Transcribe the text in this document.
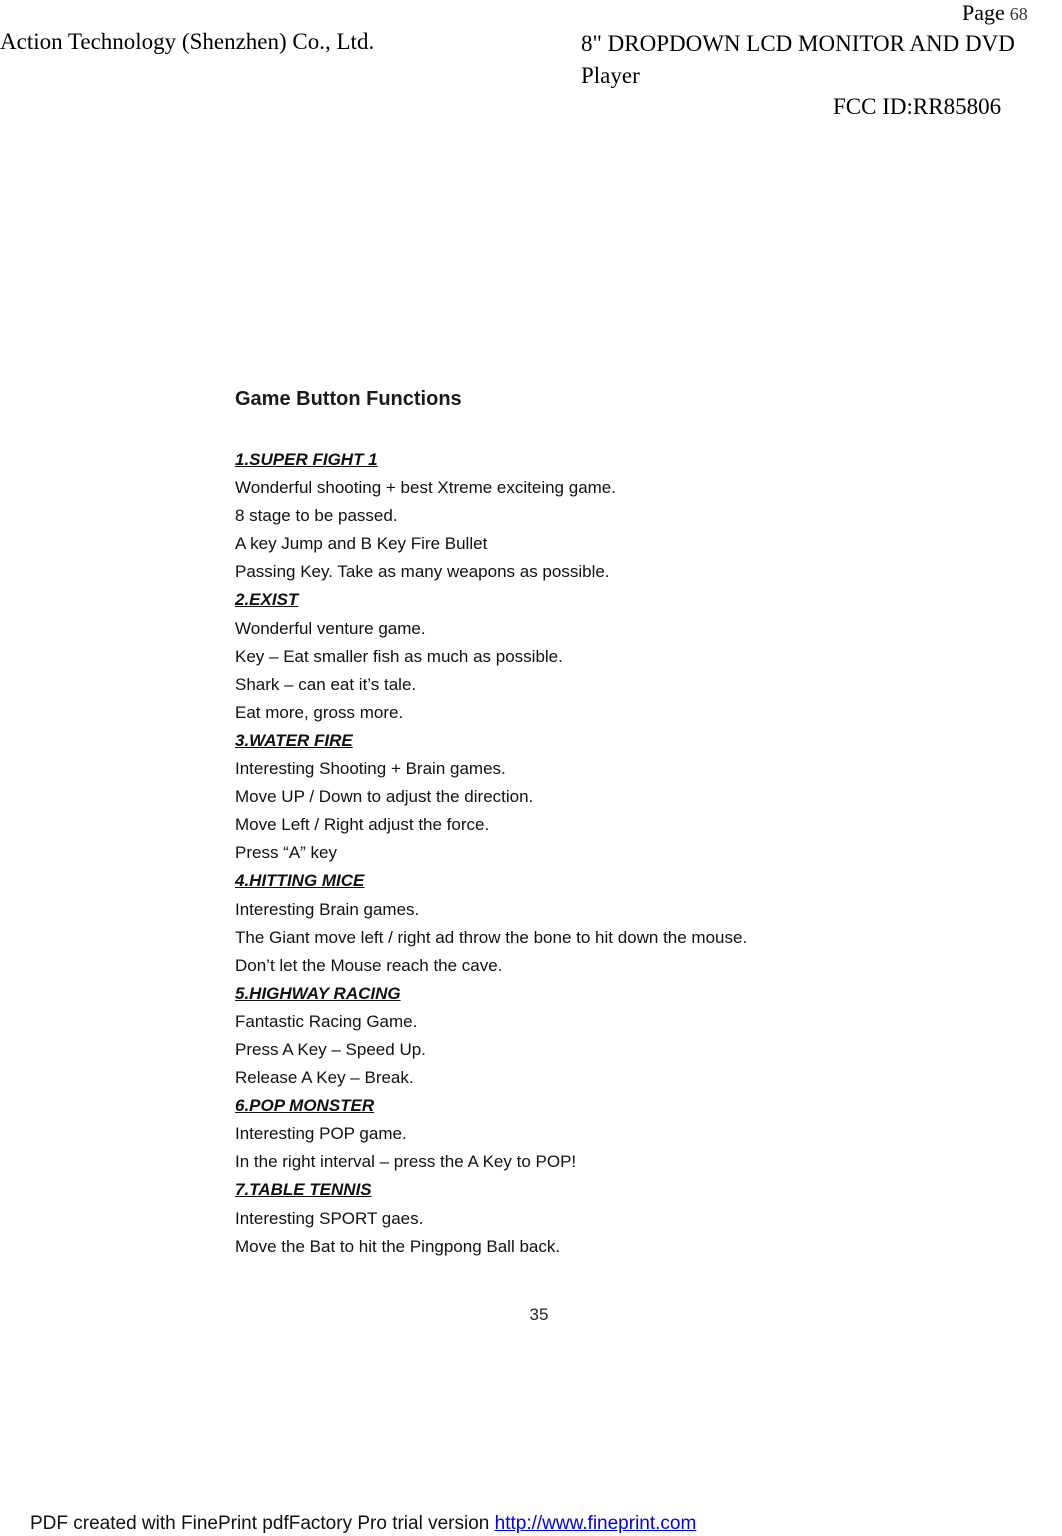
Page 68
Action Technology (Shenzhen) Co., Ltd.	8" DROPDOWN LCD MONITOR AND DVD Player
FCC ID:RR85806
Game Button Functions
1.SUPER FIGHT 1
Wonderful shooting + best Xtreme exciteing game.
8 stage to be passed.
A key Jump and B Key Fire Bullet
Passing Key. Take as many weapons as possible.
2.EXIST
Wonderful venture game.
Key – Eat smaller fish as much as possible.
Shark – can eat it’s tale.
Eat more, gross more.
3.WATER FIRE
Interesting Shooting + Brain games.
Move UP / Down to adjust the direction.
Move Left / Right adjust the force.
Press “A” key
4.HITTING MICE
Interesting Brain games.
The Giant move left / right ad throw the bone to hit down the mouse.
Don’t let the Mouse reach the cave.
5.HIGHWAY RACING
Fantastic Racing Game.
Press A Key – Speed Up.
Release A Key – Break.
6.POP MONSTER
Interesting POP game.
In the right interval – press the A Key to POP!
7.TABLE TENNIS
Interesting SPORT gaes.
Move the Bat to hit the Pingpong Ball back.
35
PDF created with FinePrint pdfFactory Pro trial version http://www.fineprint.com
